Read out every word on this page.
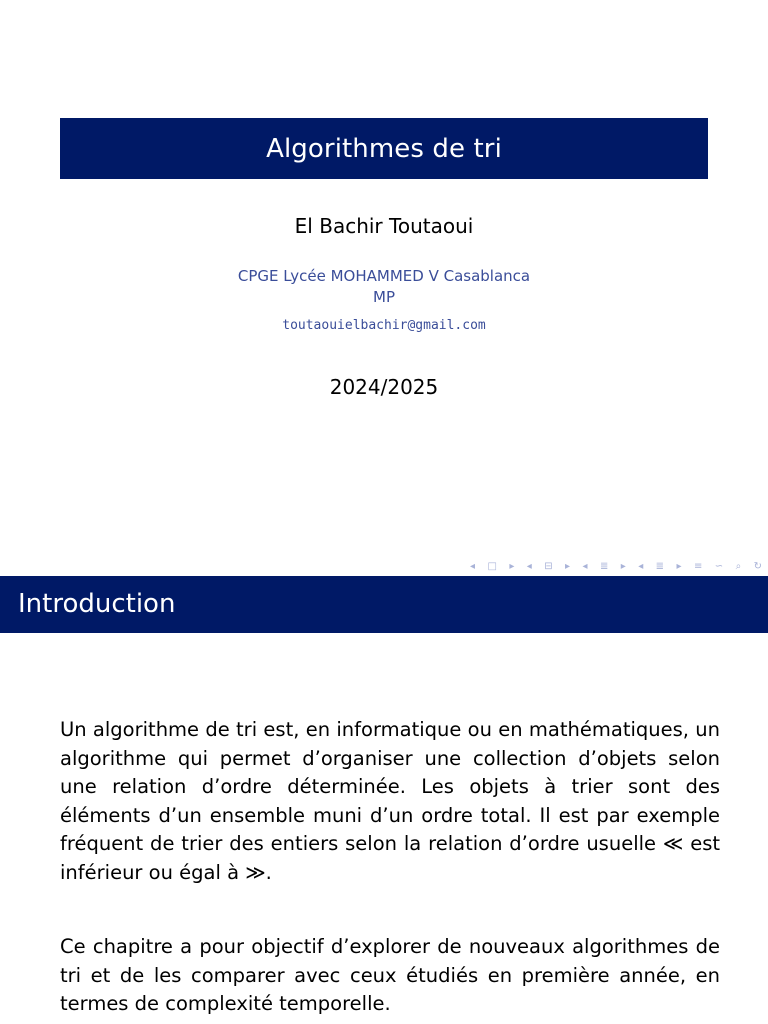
Algorithmes de tri
El Bachir Toutaoui
CPGE Lycée MOHAMMED V Casablanca
MP
toutaouielbachir@gmail.com
2024/2025
◂ □ ▸ ◂ ⊟ ▸ ◂ ≣ ▸ ◂ ≣ ▸ ≡ ∽ ⌕ ↻
Introduction

Un algorithme de tri est, en informatique ou en mathématiques, un algorithme qui permet d’organiser une collection d’objets selon une relation d’ordre déterminée. Les objets à trier sont des éléments d’un ensemble muni d’un ordre total. Il est par exemple fréquent de trier des entiers selon la relation d’ordre usuelle ≪ est inférieur ou égal à ≫.

Ce chapitre a pour objectif d’explorer de nouveaux algorithmes de tri et de les comparer avec ceux étudiés en première année, en termes de complexité temporelle.
